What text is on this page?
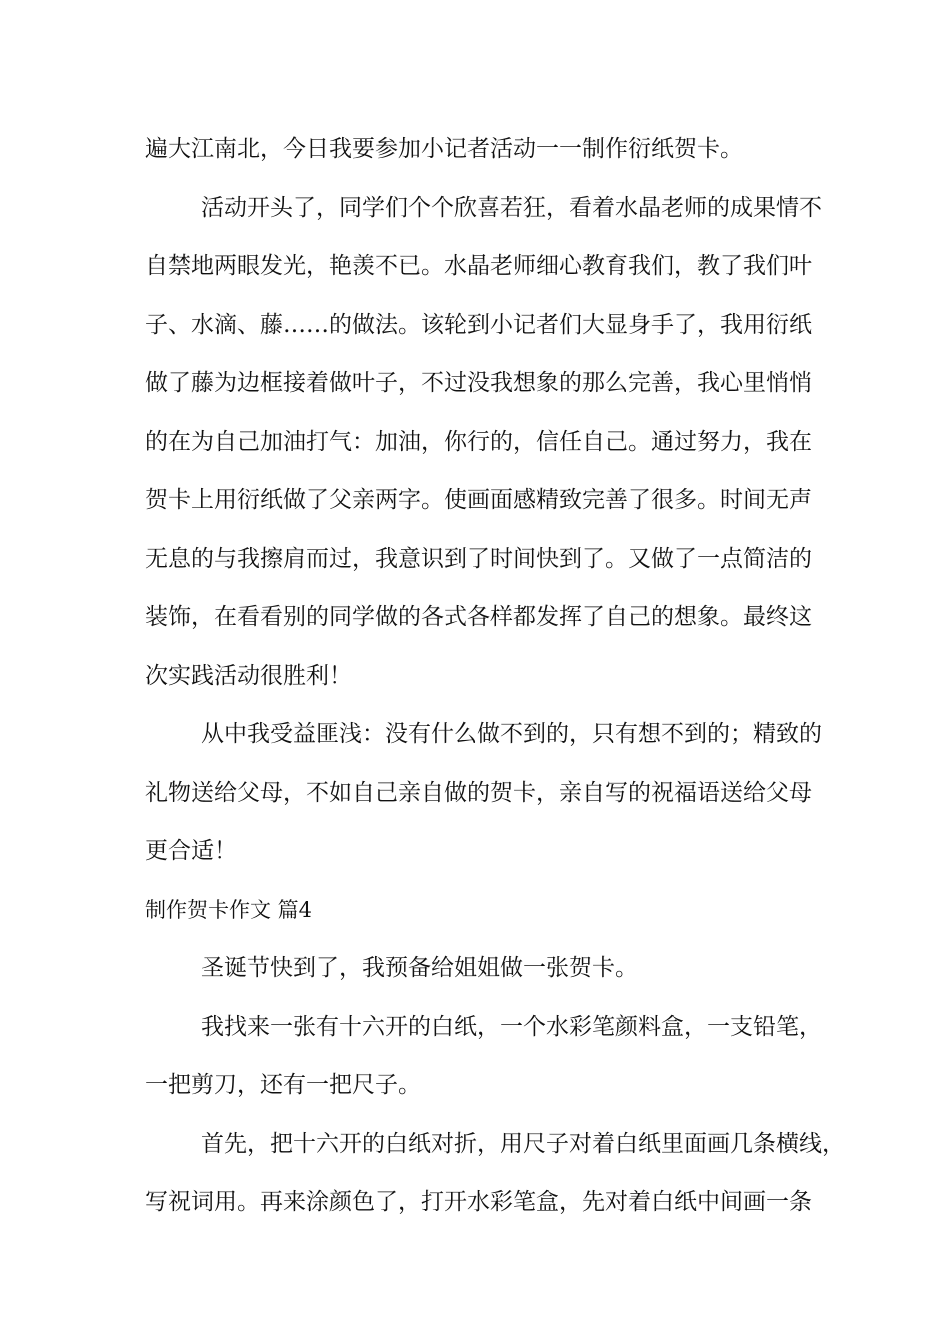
遍大江南北，今日我要参加小记者活动一一制作衍纸贺卡。
活动开头了，同学们个个欣喜若狂，看着水晶老师的成果情不
自禁地两眼发光，艳羡不已。水晶老师细心教育我们，教了我们叶
子、水滴、藤……的做法。该轮到小记者们大显身手了，我用衍纸
做了藤为边框接着做叶子，不过没我想象的那么完善，我心里悄悄
的在为自己加油打气：加油，你行的，信任自己。通过努力，我在
贺卡上用衍纸做了父亲两字。使画面感精致完善了很多。时间无声
无息的与我擦肩而过，我意识到了时间快到了。又做了一点简洁的
装饰，在看看别的同学做的各式各样都发挥了自己的想象。最终这
次实践活动很胜利！
从中我受益匪浅：没有什么做不到的，只有想不到的；精致的
礼物送给父母，不如自己亲自做的贺卡，亲自写的祝福语送给父母
更合适！
制作贺卡作文 篇4
圣诞节快到了，我预备给姐姐做一张贺卡。
我找来一张有十六开的白纸，一个水彩笔颜料盒，一支铅笔，
一把剪刀，还有一把尺子。
首先，把十六开的白纸对折，用尺子对着白纸里面画几条横线，
写祝词用。再来涂颜色了，打开水彩笔盒，先对着白纸中间画一条
